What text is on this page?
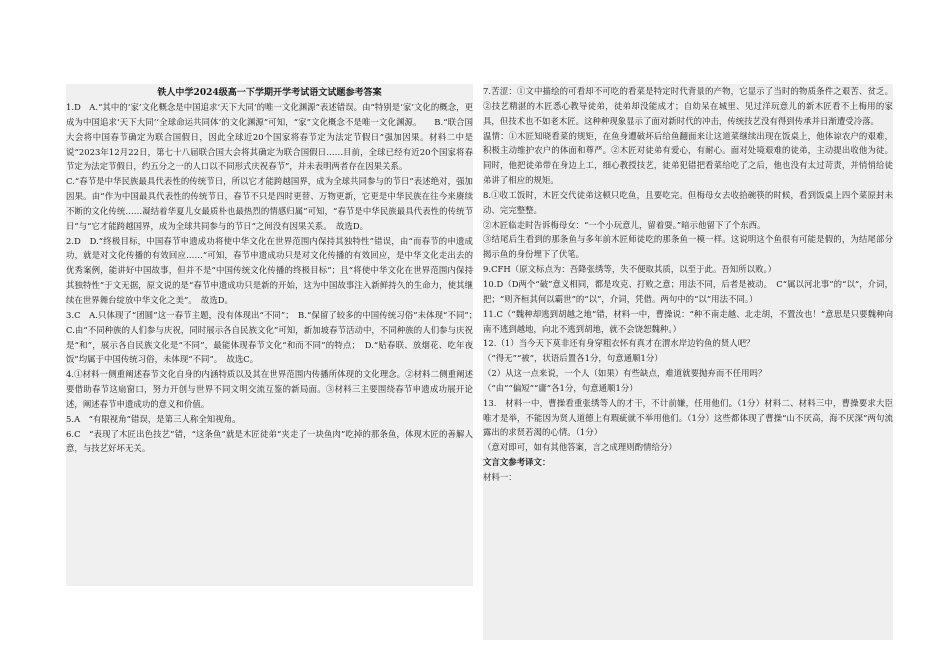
铁人中学2024级高一下学期开学考试语文试题参考答案

1.D　A.“其中的‘家’文化概念是中国追求‘天下大同’的唯一文化渊源”表述错误。由“特别是‘家’文化的概念，更成为中国追求‘天下大同’‘全球命运共同体’的文化渊源”可知，“家”文化概念不是唯一文化渊源。　　B.“联合国大会将中国春节确定为联合国假日，因此全球近20个国家将春节定为法定节假日”强加因果。材料二中是说“2023年12月22日，第七十八届联合国大会将其确定为联合国假日……目前，全球已经有近20个国家将春节定为法定节假日，约五分之一的人口以不同形式庆祝春节”，并未表明两者存在因果关系。

C.“春节是中华民族最具代表性的传统节日，所以它才能跨越国界，成为全球共同参与的节日”表述绝对，强加因果。由“作为中国最具代表性的传统节日，春节不只是四时更替、万物更新，它更是中华民族在往今来赓续不断的文化传统……凝结着华夏儿女最质朴也最热烈的情感归属”可知，“春节是中华民族最具代表性的传统节日”与“它才能跨越国界，成为全球共同参与的节日”之间没有因果关系。　故选D。

2.D　D.“终极目标，中国春节申遗成功将使中华文化在世界范围内保持其独特性”错误，由“而春节的申遗成功，就是对文化传播的有效回应……”可知，春节申遗成功只是对文化传播的有效回应，是中华文化走出去的优秀案例，能讲好中国故事，但并不是“中国传统文化传播的终极目标”；且“将使中华文化在世界范围内保持其独特性”于文无据，原文说的是“春节申遗成功只是新的开始，这为中国故事注入新鲜持久的生命力，使其继续在世界舞台绽放中华文化之美”。　故选D。

3.C　A.只体现了“团圆”这一春节主题，没有体现出“不同”；　B.“保留了较多的中国传统习俗”未体现“不同”；　C.由“不同种族的人们参与庆祝，同时展示各自民族文化”可知，新加坡春节活动中，不同种族的人们参与庆祝是“和”，展示各自民族文化是“不同”，最能体现春节文化“和而不同”的特点；　D.“贴春联、放烟花、吃年夜饭”均属于中国传统习俗，未体现“不同”。　故选C。

4.①材料一侧重阐述春节文化自身的内涵特质以及其在世界范围内传播所体现的文化理念。②材料二侧重阐述要借助春节这扇窗口，努力开创与世界不同文明交流互鉴的新局面。③材料三主要围绕春节申遗成功展开论述，阐述春节申遗成功的意义和价值。

5.A　“有限视角”错误，是第三人称全知视角。

6.C　“表现了木匠出色技艺”错，“这条鱼”就是木匠徒弟“夹走了一块鱼肉”吃掉的那条鱼，体现木匠的善解人意，与技艺好坏无关。

7.苦涩：①文中描绘的可看却不可吃的看菜是特定时代背景的产物，它显示了当时的物质条件之艰苦、贫乏。②技艺精湛的木匠悉心教导徒弟，徒弟却没能成才；自幼呆在城里、见过洋玩意儿的新木匠看不上梅用的家具，但技术也不如老木匠。这种种现象显示了面对新时代的冲击，传统技艺没有得到传承并日渐遭受冷落。

温情：①木匠知晓看菜的规矩，在鱼身遭破坏后给鱼翻面来让这道菜继续出现在饭桌上，他体谅农户的艰难，积极主动维护农户的体面和尊严。②木匠对徒弟有爱心，有耐心。面对处境艰难的徒弟，主动提出收他为徒。同时，他把徒弟带在身边上工，细心教授技艺，徒弟犯错把看菜给吃了之后，他也没有太过苛责，并悄悄给徒弟讲了相应的规矩。

8.①收工饭时，木匠交代徒弟这顿只吃鱼，且要吃完。但梅母女去收拾碗筷的时候，看到饭桌上四个菜原封未动、完完整整。

②木匠临走时告诉梅母女：“一个小玩意儿，留着耍。”暗示他留下了个东西。

③结尾后生看到的那条鱼与多年前木匠师徒吃的那条鱼一模一样。这说明这个鱼很有可能是假的，为结尾部分揭示鱼的身份埋下了伏笔。

9.CFH（原文标点为：吾降张绣等，失不便取其质，以至于此。吾知所以败。）

10.D（D两个“破”意义相同，都是攻克、打败之意；用法不同，后者是被动。　C“属以河北事”的“以”，介词，把；“则齐桓其何以霸世”的“以”，介词，凭借。两句中的“以”用法不同。）

11.C（“魏种却逃到胡越之地”错，材料一中，曹操说：“种不南走越、北走胡，不置汝也！”意思是只要魏种向南不逃到越地，向北不逃到胡地，就不会饶恕魏种。）

12.（1）当今天下莫非还有身穿粗衣怀有真才在渭水岸边钓鱼的贤人吧？

（“得无”“被”，状语后置各1分，句意通顺1分）

（2）从这一点来说，一个人（如果）有些缺点，难道就要抛弃而不任用吗？

（“由”“偏短”“庸”各1分，句意通顺1分）

13.　材料一中，曹操看重张绣等人的才干，不计前嫌，任用他们。（1分）材料二、材料三中，曹操要求大臣唯才是举，不能因为贤人道德上有瑕疵就不举用他们。（1分）这些都体现了曹操“山不厌高，海不厌深”两句流露出的求贤若渴的心情。（1分）

（意对即可，如有其他答案，言之成理则酌情给分）

文言文参考译文：

材料一：
